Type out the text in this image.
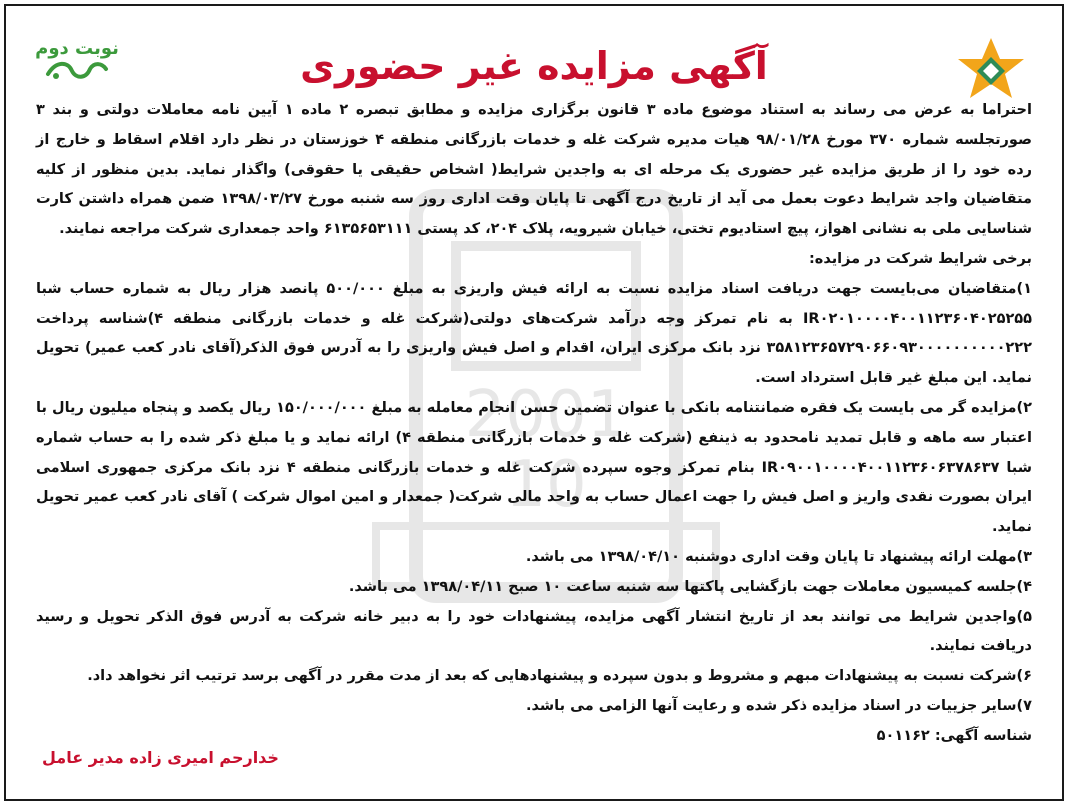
2001
10
آگهی مزایده غیر حضوری
نوبت دوم

احتراما به عرض می رساند به استناد موضوع ماده ۳ قانون برگزاری مزایده و مطابق تبصره ۲ ماده ۱ آیین نامه معاملات دولتی و بند ۳ صورتجلسه شماره ۳۷۰ مورخ ۹۸/۰۱/۲۸ هیات مدیره شرکت غله و خدمات بازرگانی منطقه ۴ خوزستان در نظر دارد اقلام اسقاط و خارج از رده خود را از طریق مزایده غیر حضوری یک مرحله ای به واجدین شرایط( اشخاص حقیقی یا حقوقی) واگذار نماید. بدین منظور از کلیه متقاضیان واجد شرایط دعوت بعمل می آید از تاریخ درج آگهی تا پایان وقت اداری روز سه شنبه مورخ ۱۳۹۸/۰۳/۲۷ ضمن همراه داشتن کارت شناسایی ملی به نشانی اهواز، پیچ استادیوم تختی، خیابان شیرویه، پلاک ۲۰۴، کد پستی ۶۱۳۵۶۵۳۱۱۱ واحد جمعداری شرکت مراجعه نمایند.

برخی شرایط شرکت در مزایده:

۱)متقاضیان می‌بایست جهت دریافت اسناد مزایده نسبت به ارائه فیش واریزی به مبلغ ۵۰۰/۰۰۰ پانصد هزار ریال به شماره حساب شبا IR۰۲۰۱۰۰۰۰۴۰۰۱۱۲۳۶۰۴۰۲۵۲۵۵ به نام تمرکز وجه درآمد شرکت‌های دولتی(شرکت غله و خدمات بازرگانی منطقه ۴)شناسه پرداخت ۳۵۸۱۲۳۶۵۷۲۹۰۶۶۰۹۳۰۰۰۰۰۰۰۰۰۰۲۲۲ نزد بانک مرکزی ایران، اقدام و اصل فیش واریزی را به آدرس فوق الذکر(آقای نادر کعب عمیر) تحویل نماید. این مبلغ غیر قابل استرداد است.

۲)مزایده گر می بایست یک فقره ضمانتنامه بانکی با عنوان تضمین حسن انجام معامله به مبلغ ۱۵۰/۰۰۰/۰۰۰ ریال یکصد و پنجاه میلیون ریال با اعتبار سه ماهه و قابل تمدید نامحدود به ذینفع (شرکت غله و خدمات بازرگانی منطقه ۴) ارائه نماید و یا مبلغ ذکر شده را به حساب شماره شبا IR۰۹۰۰۱۰۰۰۰۴۰۰۱۱۲۳۶۰۶۳۷۸۶۳۷ بنام تمرکز وجوه سپرده شرکت غله و خدمات بازرگانی منطقه ۴ نزد بانک مرکزی جمهوری اسلامی ایران بصورت نقدی واریز و اصل فیش را جهت اعمال حساب به واحد مالی شرکت( جمعدار و امین اموال شرکت ) آقای نادر کعب عمیر تحویل نماید.

۳)مهلت ارائه پیشنهاد تا پایان وقت اداری دوشنبه ۱۳۹۸/۰۴/۱۰ می باشد.

۴)جلسه کمیسیون معاملات جهت بازگشایی پاکتها سه شنبه ساعت ۱۰ صبح ۱۳۹۸/۰۴/۱۱ می باشد.

۵)واجدین شرایط می توانند بعد از تاریخ انتشار آگهی مزایده، پیشنهادات خود را به دبیر خانه شرکت به آدرس فوق الذکر تحویل و رسید دریافت نمایند.

۶)شرکت نسبت به پیشنهادات مبهم و مشروط و بدون سپرده و پیشنهادهایی که بعد از مدت مقرر در آگهی برسد ترتیب اثر نخواهد داد.

۷)سایر جزییات در اسناد مزایده ذکر شده و رعایت آنها الزامی می باشد.

شناسه آگهی: ۵۰۱۱۶۲

خدارحم امیری زاده مدیر عامل
